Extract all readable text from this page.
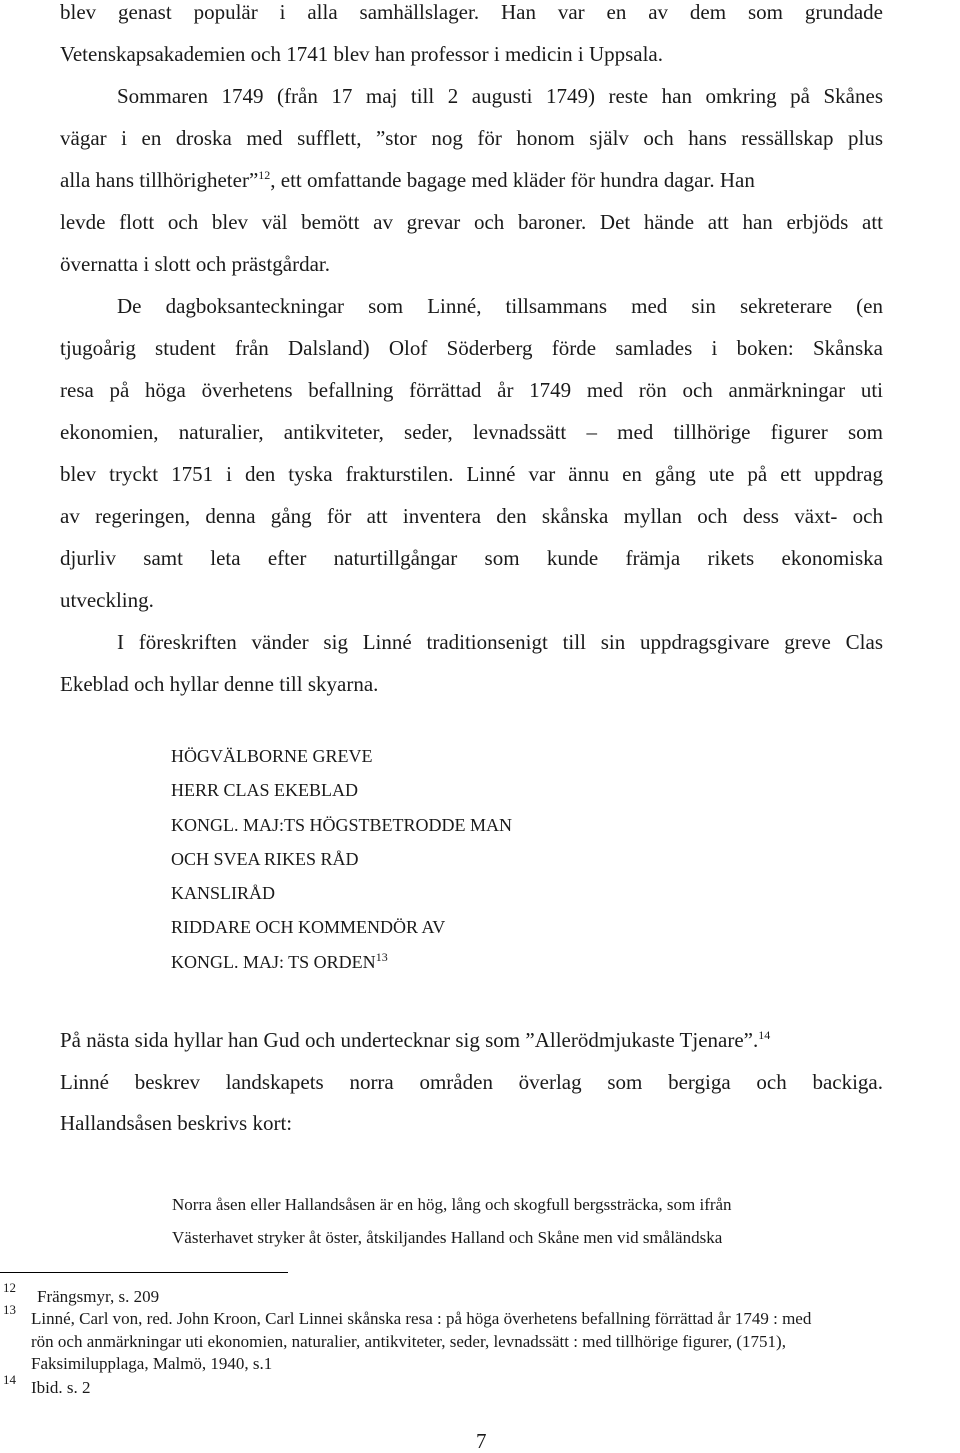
blev genast populär i alla samhällslager. Han var en av dem som grundade
Vetenskapsakademien och 1741 blev han professor i medicin i Uppsala.
Sommaren 1749 (från 17 maj till 2 augusti 1749) reste han omkring på Skånes
vägar i en droska med sufflett, ”stor nog för honom själv och hans ressällskap plus
alla hans tillhörigheter”$^{12}$, ett omfattande bagage med kläder för hundra dagar. Han
levde flott och blev väl bemött av grevar och baroner. Det hände att han erbjöds att
övernatta i slott och prästgårdar.
De dagboksanteckningar som Linné, tillsammans med sin sekreterare (en
tjugoårig student från Dalsland) Olof Söderberg förde samlades i boken: Skånska
resa på höga överhetens befallning förrättad år 1749 med rön och anmärkningar uti
ekonomien, naturalier, antikviteter, seder, levnadssätt – med tillhörige figurer som
blev tryckt 1751 i den tyska frakturstilen. Linné var ännu en gång ute på ett uppdrag
av regeringen, denna gång för att inventera den skånska myllan och dess växt- och
djurliv samt leta efter naturtillgångar som kunde främja rikets ekonomiska
utveckling.
I föreskriften vänder sig Linné traditionsenigt till sin uppdragsgivare greve Clas
Ekeblad och hyllar denne till skyarna.
HÖGVÄLBORNE GREVE
HERR CLAS EKEBLAD
KONGL. MAJ:TS HÖGSTBETRODDE MAN
OCH SVEA RIKES RÅD
KANSLIRÅD
RIDDARE OCH KOMMENDÖR AV
KONGL. MAJ: TS ORDEN$^{13}$
På nästa sida hyllar han Gud och undertecknar sig som ”Allerödmjukaste Tjenare”.$^{14}$
Linné beskrev landskapets norra områden överlag som bergiga och backiga.
Hallandsåsen beskrivs kort:
Norra åsen eller Hallandsåsen är en hög, lång och skogfull bergssträcka, som ifrån
Västerhavet stryker åt öster, åtskiljandes Halland och Skåne men vid småländska
12 Frängsmyr, s. 209
13 Linné, Carl von, red. John Kroon, Carl Linnei skånska resa : på höga överhetens befallning förrättad år 1749 : med
rön och anmärkningar uti ekonomien, naturalier, antikviteter, seder, levnadssätt : med tillhörige figurer, (1751),
Faksimilupplaga, Malmö, 1940, s.1
14 Ibid. s. 2
7
